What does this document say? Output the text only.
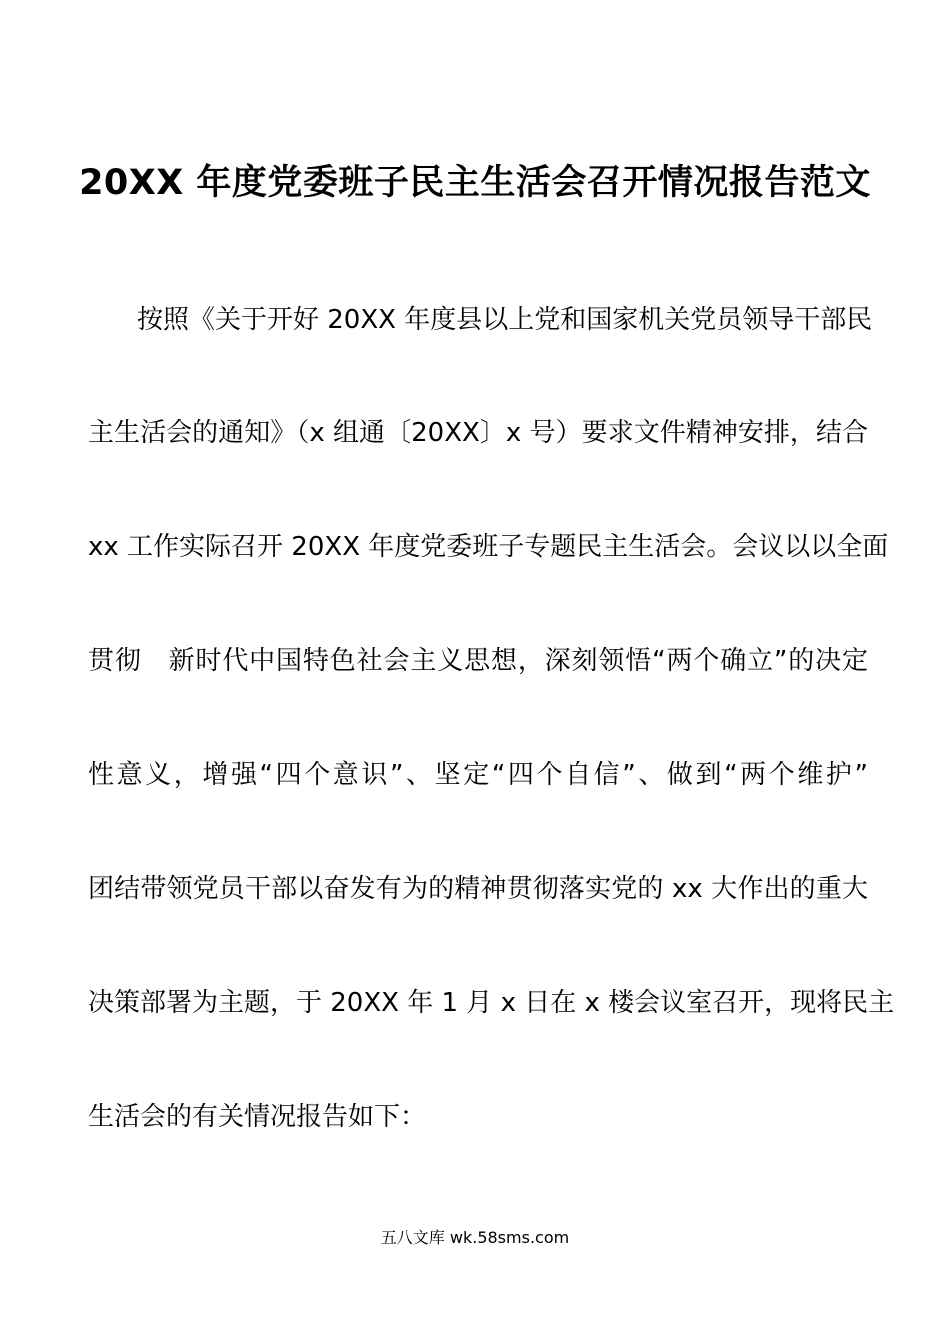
20XX 年度党委班子民主生活会召开情况报告范文
按照《关于开好 20XX 年度县以上党和国家机关党员领导干部民
主生活会的通知》（x 组通〔20XX〕x 号）要求文件精神安排，结合
xx 工作实际召开 20XX 年度党委班子专题民主生活会。会议以以全面
贯彻　新时代中国特色社会主义思想，深刻领悟“两个确立”的决定
性意义，增强“四个意识”、坚定“四个自信”、做到“两个维护”
团结带领党员干部以奋发有为的精神贯彻落实党的 xx 大作出的重大
决策部署为主题，于 20XX 年 1 月 x 日在 x 楼会议室召开，现将民主
生活会的有关情况报告如下：
五八文库 wk.58sms.com
